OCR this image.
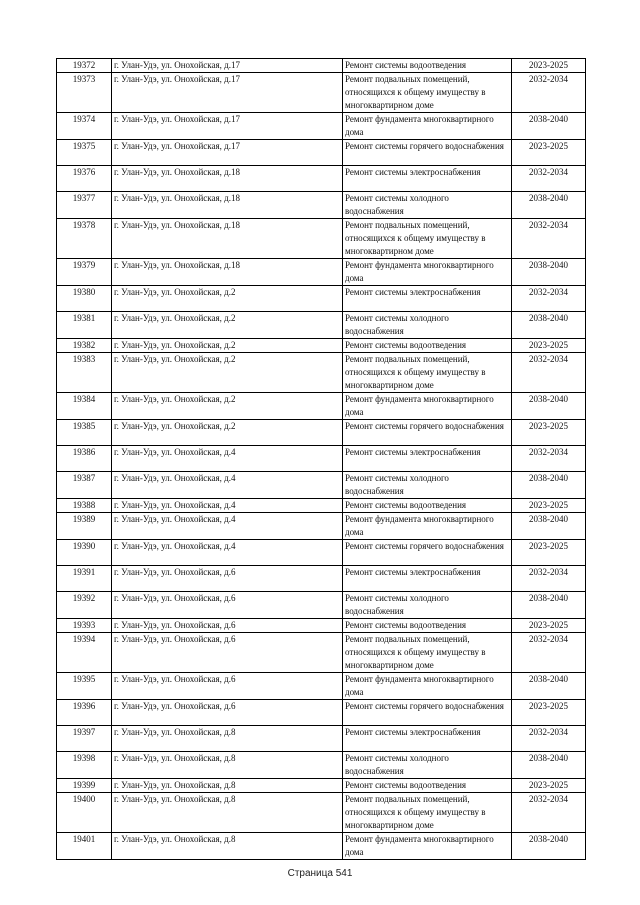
19372	г. Улан-Удэ, ул. Онохойская, д.17	Ремонт системы водоотведения	2023-2025
19373	г. Улан-Удэ, ул. Онохойская, д.17	Ремонт подвальных помещений, относящихся к общему имуществу в многоквартирном доме	2032-2034
19374	г. Улан-Удэ, ул. Онохойская, д.17	Ремонт фундамента многоквартирного дома	2038-2040
19375	г. Улан-Удэ, ул. Онохойская, д.17	Ремонт системы горячего водоснабжения	2023-2025
19376	г. Улан-Удэ, ул. Онохойская, д.18	Ремонт системы электроснабжения	2032-2034
19377	г. Улан-Удэ, ул. Онохойская, д.18	Ремонт системы холодного водоснабжения	2038-2040
19378	г. Улан-Удэ, ул. Онохойская, д.18	Ремонт подвальных помещений, относящихся к общему имуществу в многоквартирном доме	2032-2034
19379	г. Улан-Удэ, ул. Онохойская, д.18	Ремонт фундамента многоквартирного дома	2038-2040
19380	г. Улан-Удэ, ул. Онохойская, д.2	Ремонт системы электроснабжения	2032-2034
19381	г. Улан-Удэ, ул. Онохойская, д.2	Ремонт системы холодного водоснабжения	2038-2040
19382	г. Улан-Удэ, ул. Онохойская, д.2	Ремонт системы водоотведения	2023-2025
19383	г. Улан-Удэ, ул. Онохойская, д.2	Ремонт подвальных помещений, относящихся к общему имуществу в многоквартирном доме	2032-2034
19384	г. Улан-Удэ, ул. Онохойская, д.2	Ремонт фундамента многоквартирного дома	2038-2040
19385	г. Улан-Удэ, ул. Онохойская, д.2	Ремонт системы горячего водоснабжения	2023-2025
19386	г. Улан-Удэ, ул. Онохойская, д.4	Ремонт системы электроснабжения	2032-2034
19387	г. Улан-Удэ, ул. Онохойская, д.4	Ремонт системы холодного водоснабжения	2038-2040
19388	г. Улан-Удэ, ул. Онохойская, д.4	Ремонт системы водоотведения	2023-2025
19389	г. Улан-Удэ, ул. Онохойская, д.4	Ремонт фундамента многоквартирного дома	2038-2040
19390	г. Улан-Удэ, ул. Онохойская, д.4	Ремонт системы горячего водоснабжения	2023-2025
19391	г. Улан-Удэ, ул. Онохойская, д.6	Ремонт системы электроснабжения	2032-2034
19392	г. Улан-Удэ, ул. Онохойская, д.6	Ремонт системы холодного водоснабжения	2038-2040
19393	г. Улан-Удэ, ул. Онохойская, д.6	Ремонт системы водоотведения	2023-2025
19394	г. Улан-Удэ, ул. Онохойская, д.6	Ремонт подвальных помещений, относящихся к общему имуществу в многоквартирном доме	2032-2034
19395	г. Улан-Удэ, ул. Онохойская, д.6	Ремонт фундамента многоквартирного дома	2038-2040
19396	г. Улан-Удэ, ул. Онохойская, д.6	Ремонт системы горячего водоснабжения	2023-2025
19397	г. Улан-Удэ, ул. Онохойская, д.8	Ремонт системы электроснабжения	2032-2034
19398	г. Улан-Удэ, ул. Онохойская, д.8	Ремонт системы холодного водоснабжения	2038-2040
19399	г. Улан-Удэ, ул. Онохойская, д.8	Ремонт системы водоотведения	2023-2025
19400	г. Улан-Удэ, ул. Онохойская, д.8	Ремонт подвальных помещений, относящихся к общему имуществу в многоквартирном доме	2032-2034
19401	г. Улан-Удэ, ул. Онохойская, д.8	Ремонт фундамента многоквартирного дома	2038-2040
Страница 541
